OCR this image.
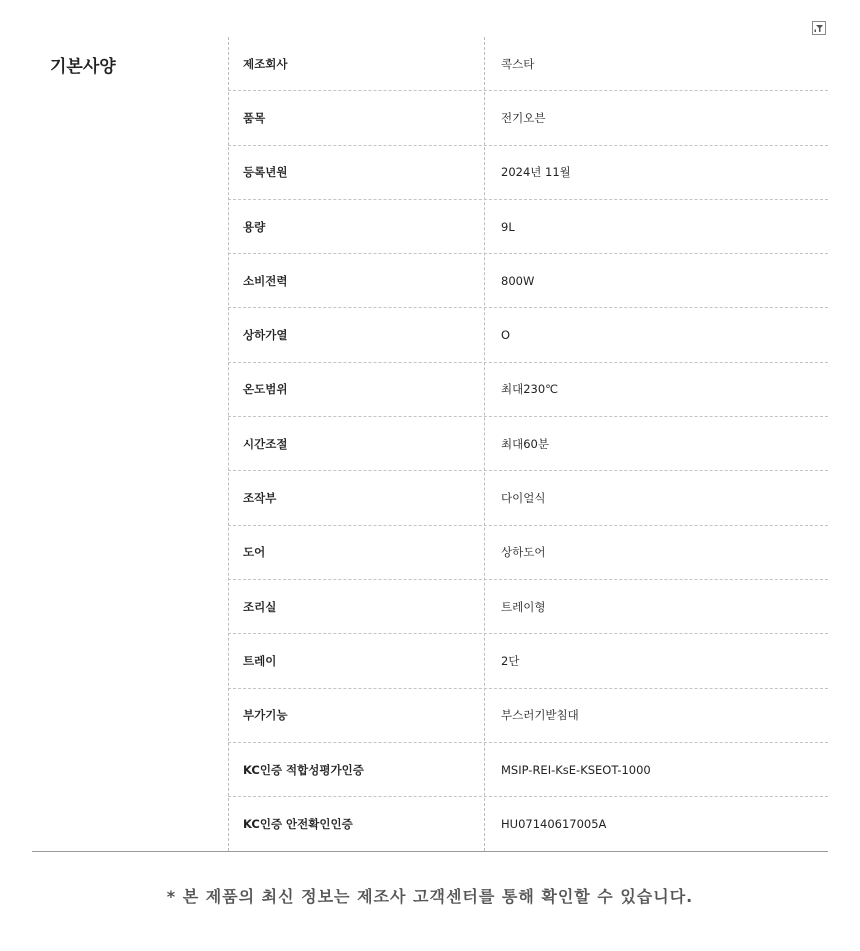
기본사양	제조회사	콕스타
품목	전기오븐
등록년원	2024년 11월
용량	9L
소비전력	800W
상하가열	O
온도범위	최대230℃
시간조절	최대60분
조작부	다이얼식
도어	상하도어
조리실	트레이형
트레이	2단
부가기능	부스러기받침대
KC인증 적합성평가인증	MSIP-REI-KsE-KSEOT-1000
KC인증 안전확인인증	HU07140617005A
* 본 제품의 최신 정보는 제조사 고객센터를 통해 확인할 수 있습니다.
